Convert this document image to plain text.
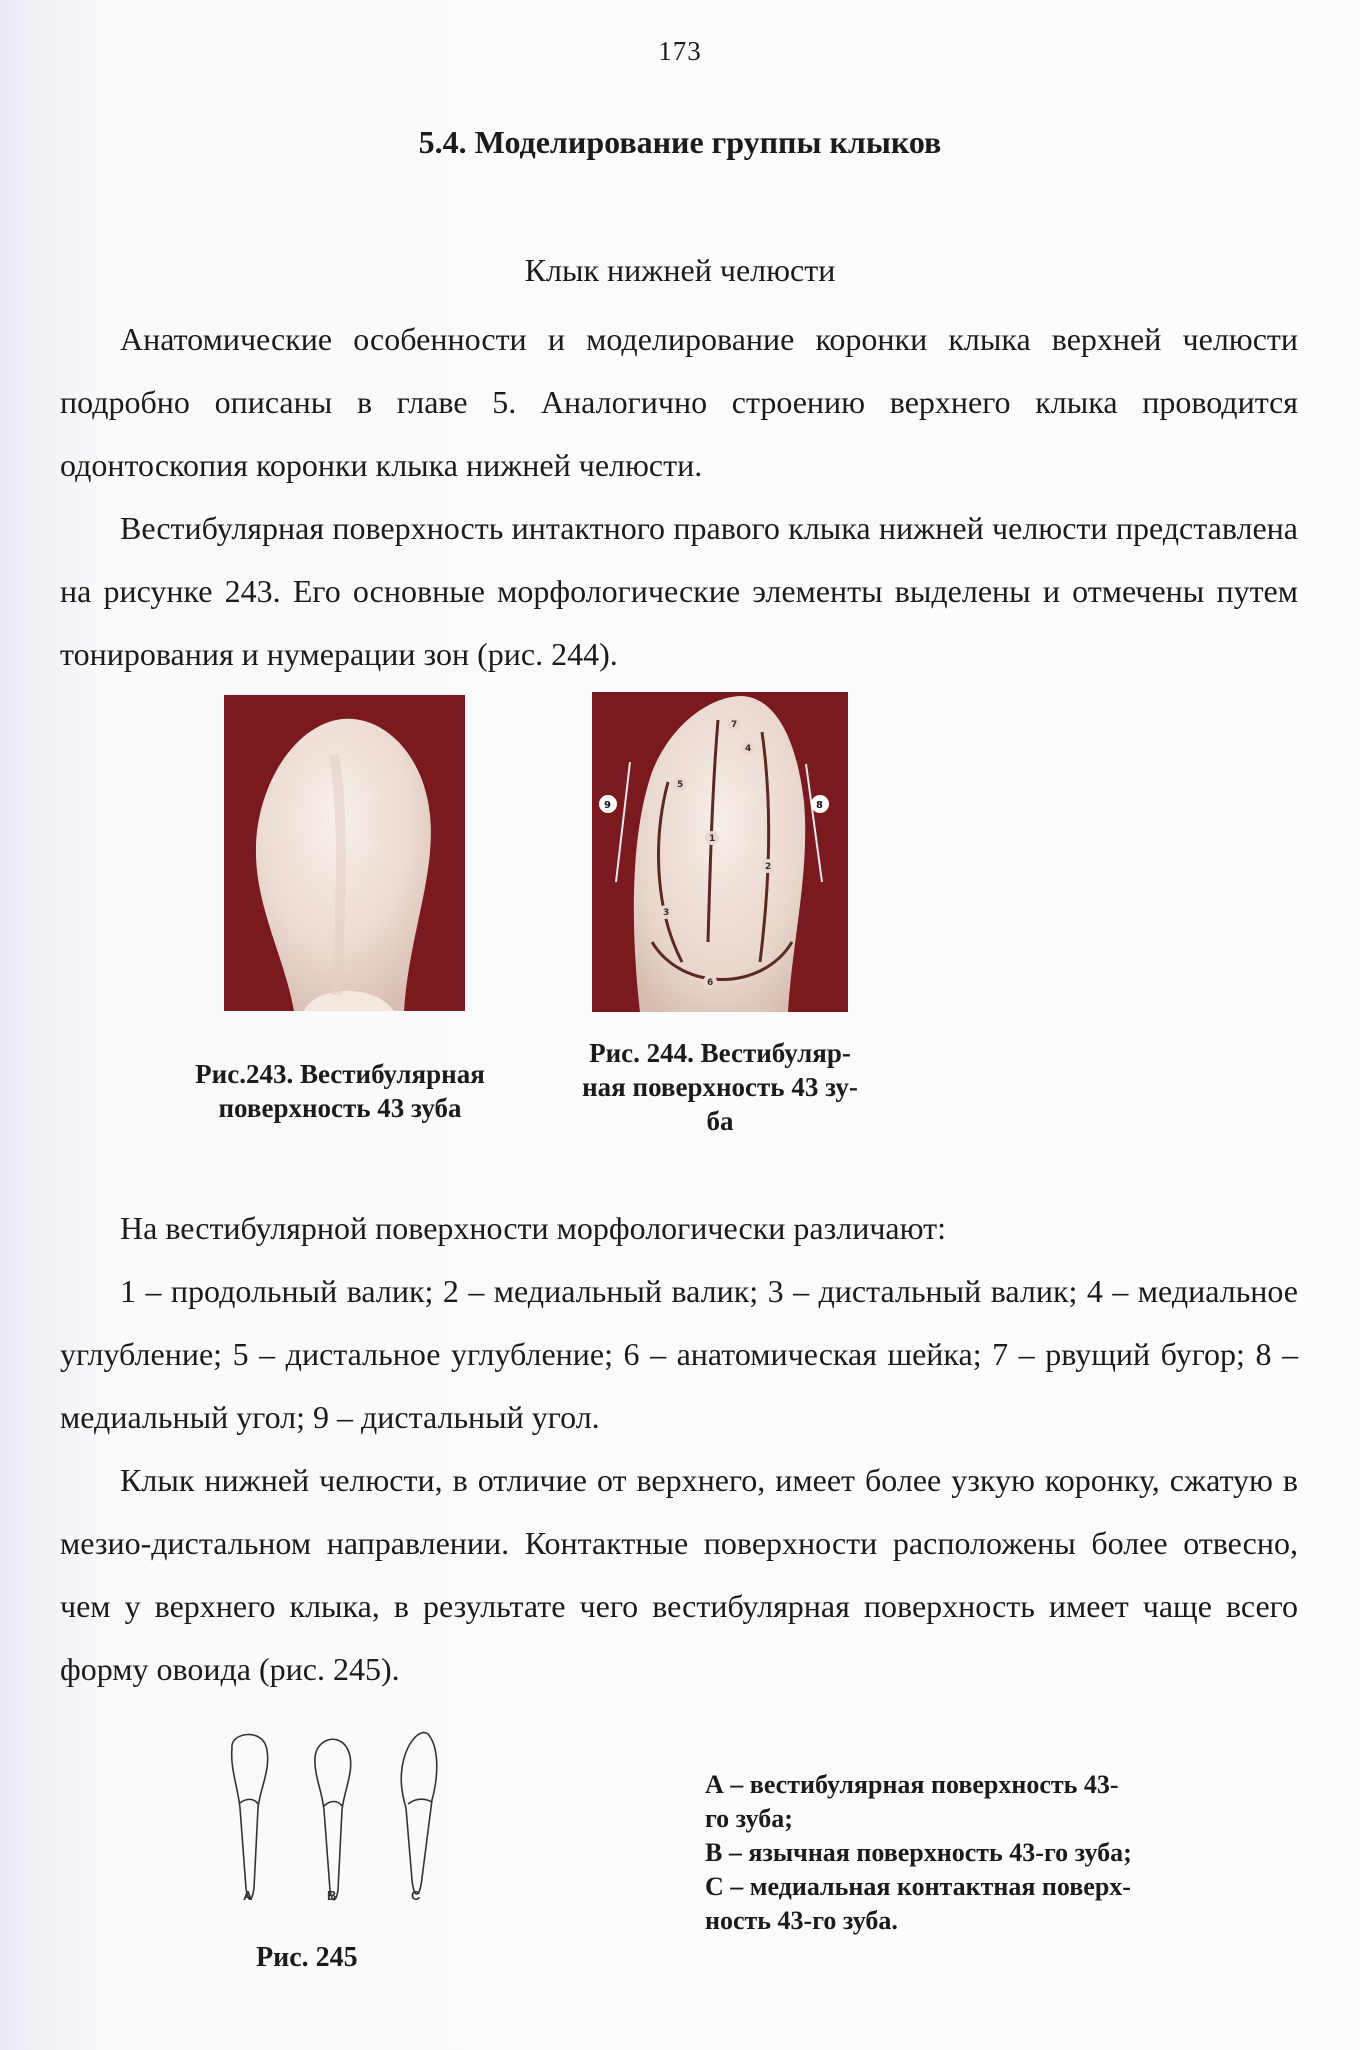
173
5.4. Моделирование группы клыков
Клык нижней челюсти

Анатомические особенности и моделирование коронки клыка верхней челюсти подробно описаны в главе 5. Аналогично строению верхнего клыка проводится одонтоскопия коронки клыка нижней челюсти.

Вестибулярная поверхность интактного правого клыка нижней челюсти представлена на рисунке 243. Его основные морфологические элементы выделены и отмечены путем тонирования и нумерации зон (рис. 244).

7
4
5
1
2
3
6
9	8
Рис.243. Вестибулярная
поверхность 43 зуба
Рис. 244. Вестибуляр-
ная поверхность 43 зу-
ба

На вестибулярной поверхности морфологически различают:

1 – продольный валик; 2 – медиальный валик; 3 – дистальный валик; 4 – медиальное углубление; 5 – дистальное углубление; 6 – анатомическая шейка; 7 – рвущий бугор; 8 – медиальный угол; 9 – дистальный угол.

Клык нижней челюсти, в отличие от верхнего, имеет более узкую коронку, сжатую в мезио-дистальном направлении. Контактные поверхности расположены более отвесно, чем у верхнего клыка, в результате чего вестибулярная поверхность имеет чаще всего форму овоида (рис. 245).

A	B	C
Рис. 245
А – вестибулярная поверхность 43-
го зуба;
В – язычная поверхность 43-го зуба;
С – медиальная контактная поверх-
ность 43-го зуба.
